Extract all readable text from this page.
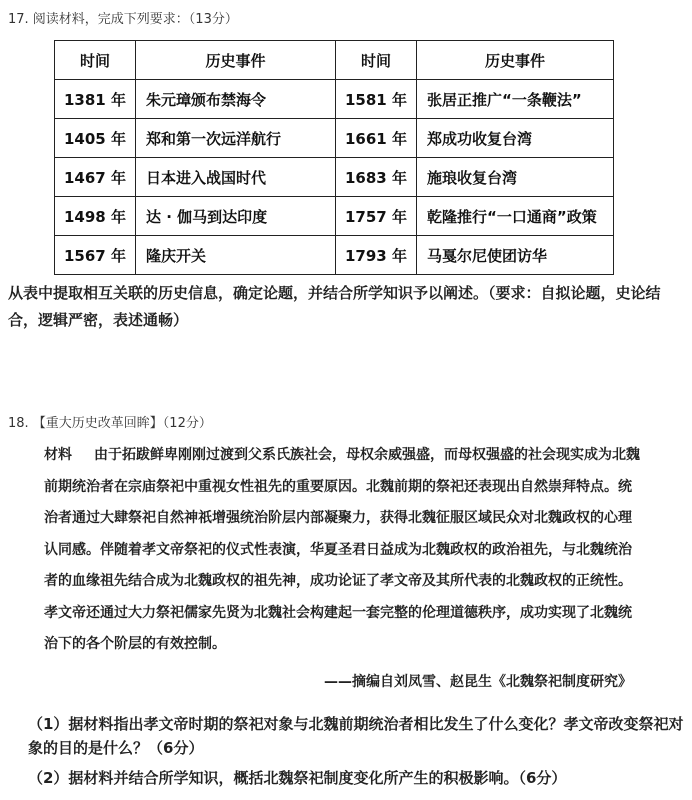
17. 阅读材料，完成下列要求：（13分）
时间	历史事件	时间	历史事件
1381 年	朱元璋颁布禁海令	1581 年	张居正推广“一条鞭法”
1405 年	郑和第一次远洋航行	1661 年	郑成功收复台湾
1467 年	日本进入战国时代	1683 年	施琅收复台湾
1498 年	达 · 伽马到达印度	1757 年	乾隆推行“一口通商”政策
1567 年	隆庆开关	1793 年	马戛尔尼使团访华
从表中提取相互关联的历史信息，确定论题，并结合所学知识予以阐述。（要求：自拟论题，史论结合，逻辑严密，表述通畅）
18. 【重大历史改革回眸】（12分）
材料 由于拓跋鲜卑刚刚过渡到父系氏族社会，母权余威强盛，而母权强盛的社会现实成为北魏前期统治者在宗庙祭祀中重视女性祖先的重要原因。北魏前期的祭祀还表现出自然崇拜特点。统治者通过大肆祭祀自然神祇增强统治阶层内部凝聚力，获得北魏征服区域民众对北魏政权的心理认同感。伴随着孝文帝祭祀的仪式性表演，华夏圣君日益成为北魏政权的政治祖先，与北魏统治者的血缘祖先结合成为北魏政权的祖先神，成功论证了孝文帝及其所代表的北魏政权的正统性。孝文帝还通过大力祭祀儒家先贤为北魏社会构建起一套完整的伦理道德秩序，成功实现了北魏统治下的各个阶层的有效控制。
——摘编自刘凤雪、赵昆生《北魏祭祀制度研究》
（1）据材料指出孝文帝时期的祭祀对象与北魏前期统治者相比发生了什么变化？孝文帝改变祭祀对象的目的是什么？（6分）
（2）据材料并结合所学知识，概括北魏祭祀制度变化所产生的积极影响。（6分）
